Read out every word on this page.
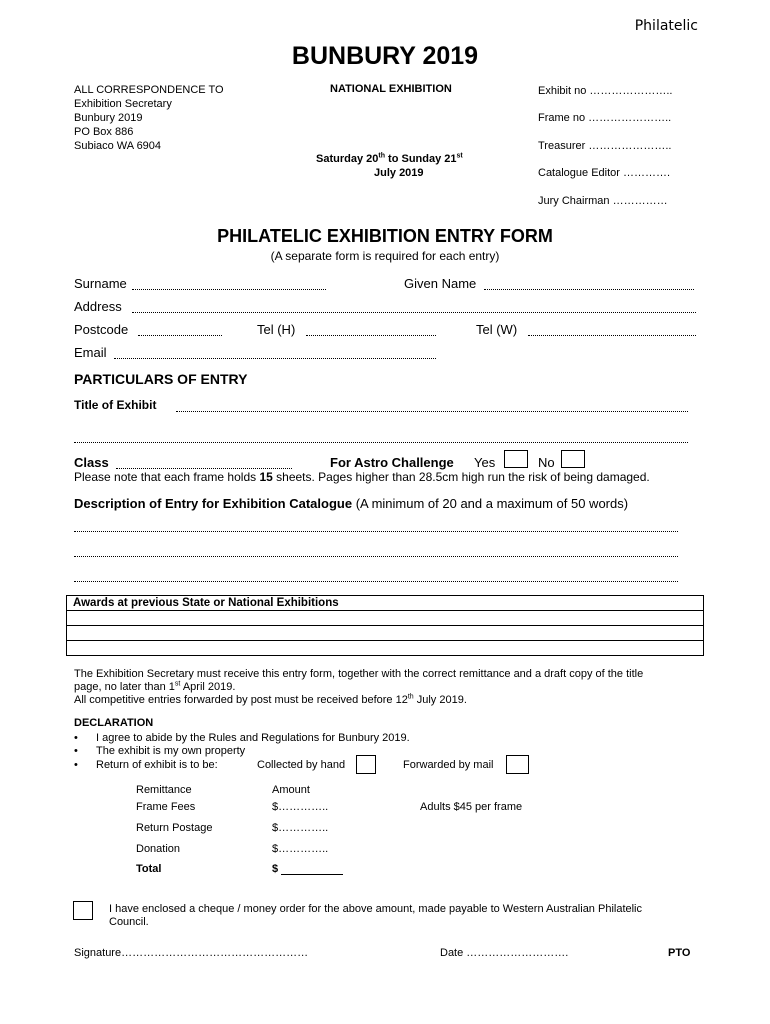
Philatelic
BUNBURY 2019
ALL CORRESPONDENCE TO
Exhibition Secretary
Bunbury 2019
PO Box 886
Subiaco WA 6904
NATIONAL EXHIBITION
Saturday 20th to Sunday 21st
July 2019
Exhibit no …………………..
Frame no …………………..
Treasurer …………………..
Catalogue Editor ………….
Jury Chairman ……………
PHILATELIC EXHIBITION ENTRY FORM
(A separate form is required for each entry)
Surname	Given Name
Address
Postcode	Tel (H)	Tel (W)
Email
PARTICULARS OF ENTRY
Title of Exhibit
Class	For Astro Challenge Yes	No
Please note that each frame holds 15 sheets. Pages higher than 28.5cm high run the risk of being damaged.
Description of Entry for Exhibition Catalogue (A minimum of 20 and a maximum of 50 words)
Awards at previous State or National Exhibitions

The Exhibition Secretary must receive this entry form, together with the correct remittance and a draft copy of the title
page, no later than 1st April 2019.
All competitive entries forwarded by post must be received before 12th July 2019.
DECLARATION
• I agree to abide by the Rules and Regulations for Bunbury 2019.
• The exhibit is my own property
• Return of exhibit is to be:	Collected by hand	Forwarded by mail
Remittance	Amount
Frame Fees	$…………..	Adults $45 per frame
Return Postage	$…………..
Donation	$…………..
Total	$
I have enclosed a cheque / money order for the above amount, made payable to Western Australian Philatelic
Council.
Signature……………………………………………	Date ……………………….	PTO
